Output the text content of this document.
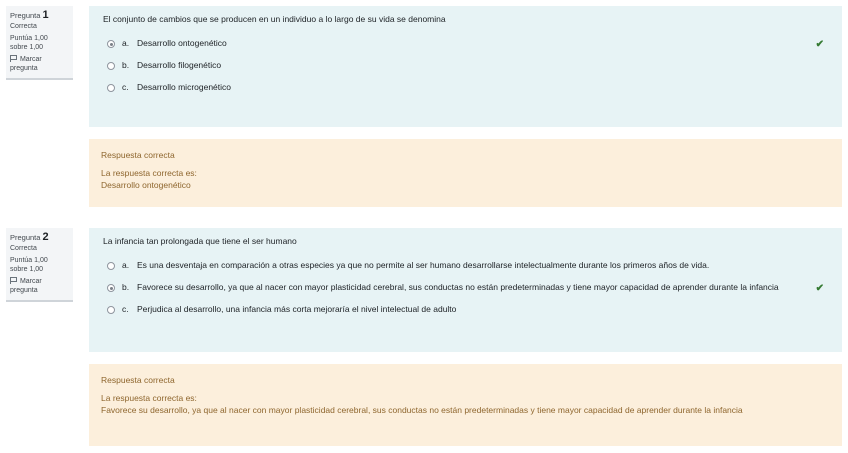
Pregunta 1
Correcta
Puntúa 1,00
sobre 1,00
Marcar
pregunta
El conjunto de cambios que se producen en un individuo a lo largo de su vida se denomina
a. Desarrollo ontogenético	✔
b. Desarrollo filogenético
c. Desarrollo microgenético
Respuesta correcta
La respuesta correcta es:
Desarrollo ontogenético
Pregunta 2
Correcta
Puntúa 1,00
sobre 1,00
Marcar
pregunta
La infancia tan prolongada que tiene el ser humano
a. Es una desventaja en comparación a otras especies ya que no permite al ser humano desarrollarse intelectualmente durante los primeros años de vida.
b. Favorece su desarrollo, ya que al nacer con mayor plasticidad cerebral, sus conductas no están predeterminadas y tiene mayor capacidad de aprender durante la infancia	✔
c. Perjudica al desarrollo, una infancia más corta mejoraría el nivel intelectual de adulto
Respuesta correcta
La respuesta correcta es:
Favorece su desarrollo, ya que al nacer con mayor plasticidad cerebral, sus conductas no están predeterminadas y tiene mayor capacidad de aprender durante la infancia
